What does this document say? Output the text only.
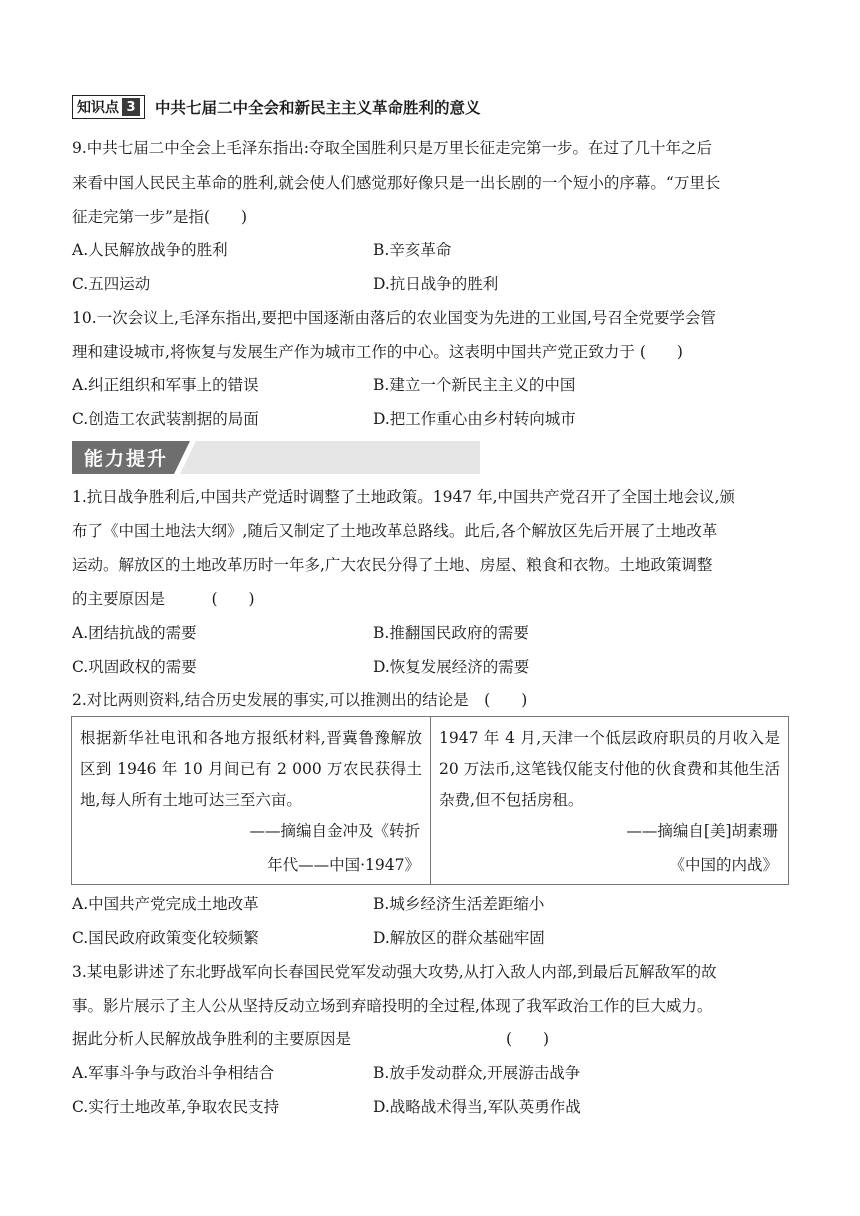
知识点 3 中共七届二中全会和新民主主义革命胜利的意义
9.中共七届二中全会上毛泽东指出:夺取全国胜利只是万里长征走完第一步。在过了几十年之后
来看中国人民民主革命的胜利,就会使人们感觉那好像只是一出长剧的一个短小的序幕。“万里长
征走完第一步”是指(　　)
A.人民解放战争的胜利	B.辛亥革命
C.五四运动	D.抗日战争的胜利
10.一次会议上,毛泽东指出,要把中国逐渐由落后的农业国变为先进的工业国,号召全党要学会管
理和建设城市,将恢复与发展生产作为城市工作的中心。这表明中国共产党正致力于 (　　)
A.纠正组织和军事上的错误	B.建立一个新民主主义的中国
C.创造工农武装割据的局面	D.把工作重心由乡村转向城市
能力提升
1.抗日战争胜利后,中国共产党适时调整了土地政策。1947 年,中国共产党召开了全国土地会议,颁
布了《中国土地法大纲》,随后又制定了土地改革总路线。此后,各个解放区先后开展了土地改革
运动。解放区的土地改革历时一年多,广大农民分得了土地、房屋、粮食和衣物。土地政策调整
的主要原因是　　　(　　)
A.团结抗战的需要	B.推翻国民政府的需要
C.巩固政权的需要	D.恢复发展经济的需要
2.对比两则资料,结合历史发展的事实,可以推测出的结论是　(　　)
根据新华社电讯和各地方报纸材料,晋冀鲁豫解放区到 1946 年 10 月间已有 2 000 万农民获得土地,每人所有土地可达三至六亩。
——摘编自金冲及《转折
年代——中国·1947》
1947 年 4 月,天津一个低层政府职员的月收入是 20 万法币,这笔钱仅能支付他的伙食费和其他生活杂费,但不包括房租。
——摘编自[美]胡素珊
《中国的内战》
A.中国共产党完成土地改革	B.城乡经济生活差距缩小
C.国民政府政策变化较频繁	D.解放区的群众基础牢固
3.某电影讲述了东北野战军向长春国民党军发动强大攻势,从打入敌人内部,到最后瓦解敌军的故
事。影片展示了主人公从坚持反动立场到弃暗投明的全过程,体现了我军政治工作的巨大威力。
据此分析人民解放战争胜利的主要原因是　　　　　　　　　　(　　)
A.军事斗争与政治斗争相结合	B.放手发动群众,开展游击战争
C.实行土地改革,争取农民支持	D.战略战术得当,军队英勇作战
